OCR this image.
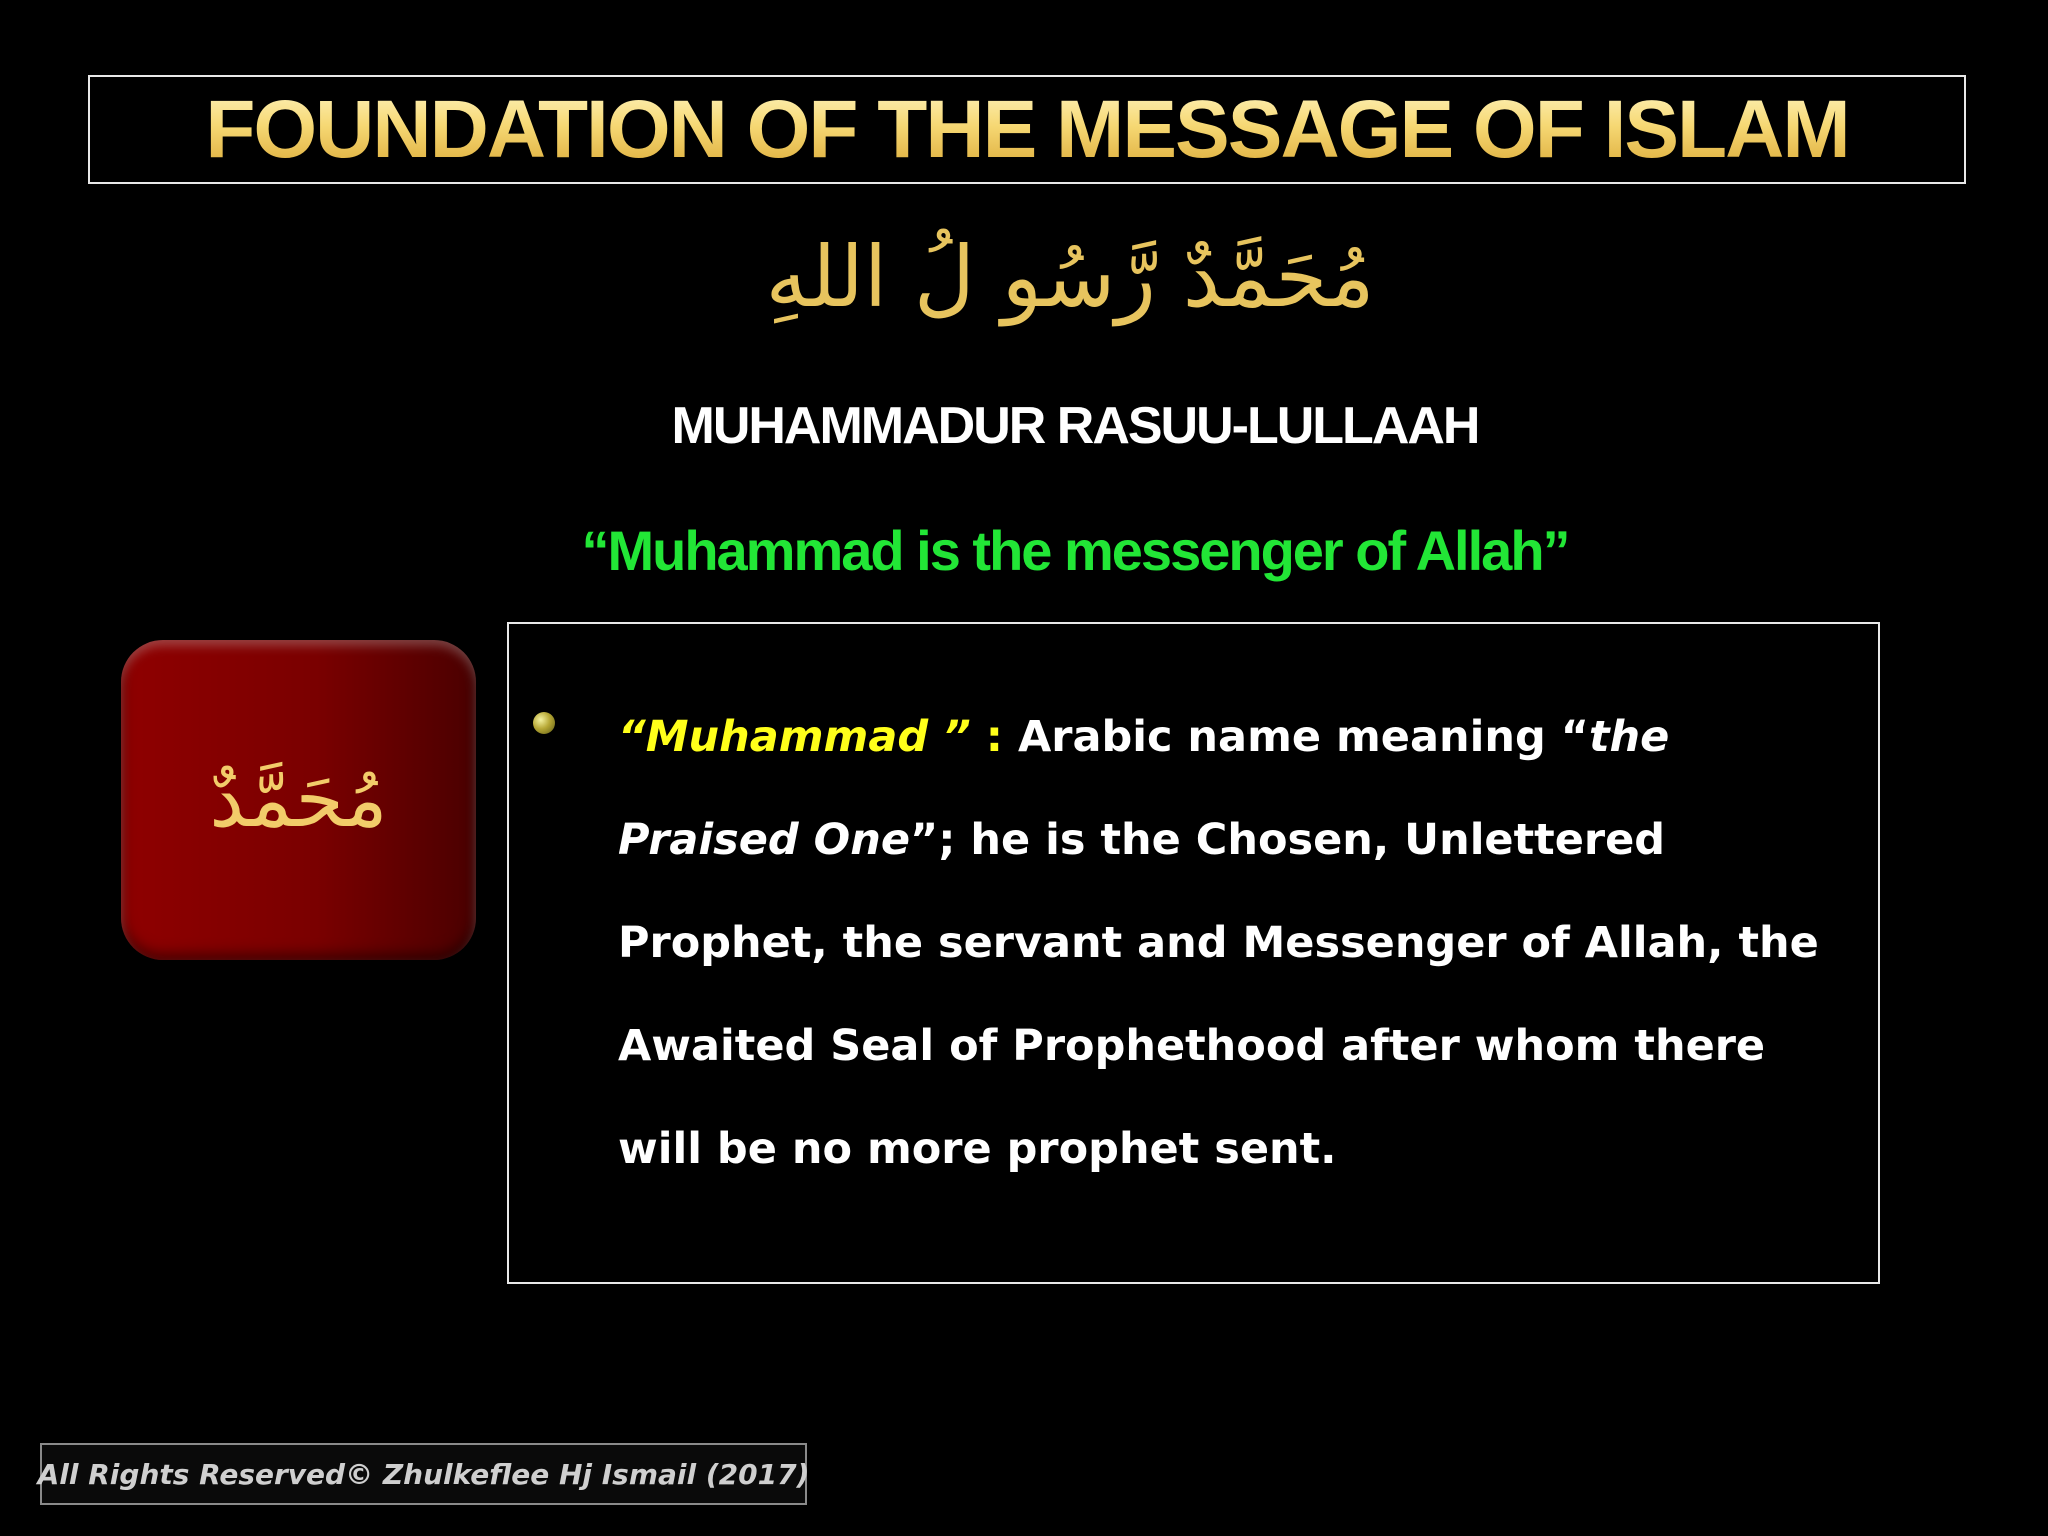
FOUNDATION OF THE MESSAGE OF ISLAM
مُحَمَّدٌ رَّسُو لُ اللهِ
MUHAMMADUR RASUU-LULLAAH
“Muhammad is the messenger of Allah”
مُحَمَّدٌ
“Muhammad ” : Arabic name meaning “the Praised One”; he is the Chosen, Unlettered Prophet, the servant and Messenger of Allah, the Awaited Seal of Prophethood after whom there will be no more prophet sent.
All Rights Reserved© Zhulkeflee Hj Ismail (2017)
